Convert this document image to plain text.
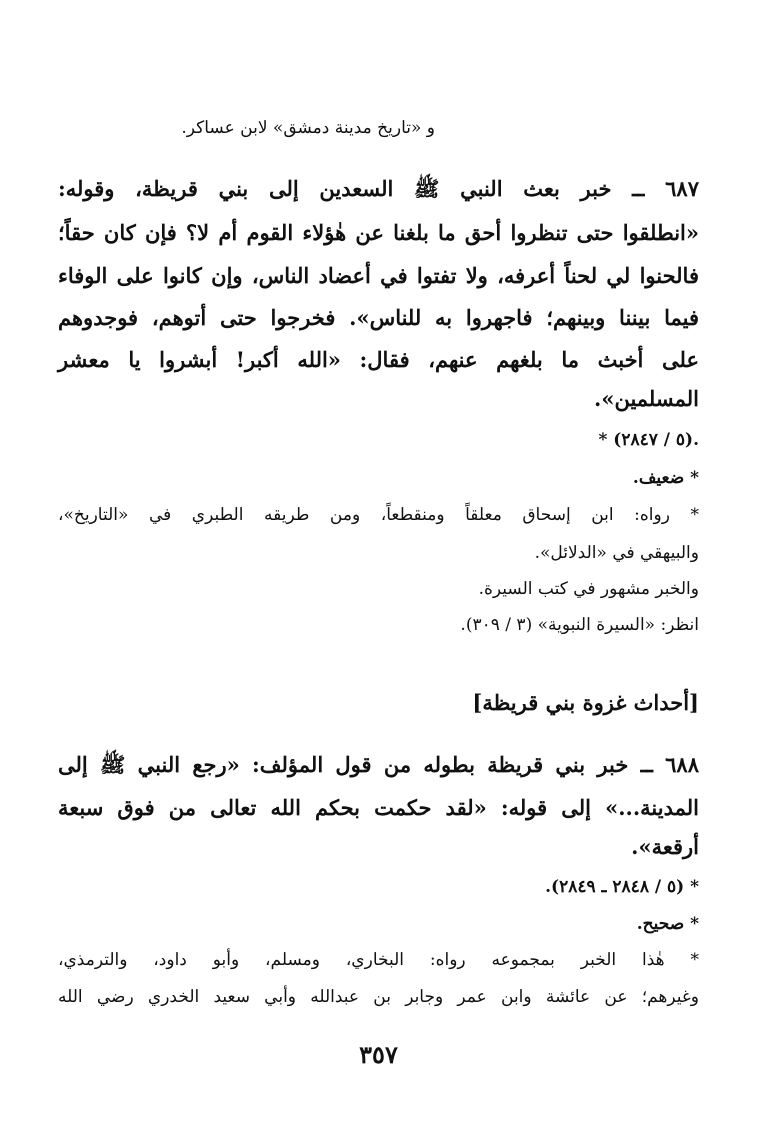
و «تاريخ مدينة دمشق» لابن عساكر.
٦٨٧ ــ خبر بعث النبي ﷺ السعدين إلى بني قريظة، وقوله:
«انطلقوا حتى تنظروا أحق ما بلغنا عن هٰؤلاء القوم أم لا؟ فإن كان حقاً؛
فالحنوا لي لحناً أعرفه، ولا تفتوا في أعضاد الناس، وإن كانوا على الوفاء
فيما بيننا وبينهم؛ فاجهروا به للناس». فخرجوا حتى أتوهم، فوجدوهم
على أخبث ما بلغهم عنهم، فقال: «الله أكبر! أبشروا يا معشر
المسلمين».
* (٥ / ٢٨٤٧).
* ضعيف.
* رواه: ابن إسحاق معلقاً ومنقطعاً، ومن طريقه الطبري في «التاريخ»،
والبيهقي في «الدلائل».
والخبر مشهور في كتب السيرة.
انظر: «السيرة النبوية» (٣ / ٣٠٩).
[أحداث غزوة بني قريظة]
٦٨٨ ــ خبر بني قريظة بطوله من قول المؤلف: «رجع النبي ﷺ إلى
المدينة...» إلى قوله: «لقد حكمت بحكم الله تعالى من فوق سبعة
أرقعة».
* (٥ / ٢٨٤٨ ـ ٢٨٤٩).
* صحيح.
* هٰذا الخبر بمجموعه رواه: البخاري، ومسلم، وأبو داود، والترمذي،
وغيرهم؛ عن عائشة وابن عمر وجابر بن عبدالله وأبي سعيد الخدري رضي الله
٣٥٧
